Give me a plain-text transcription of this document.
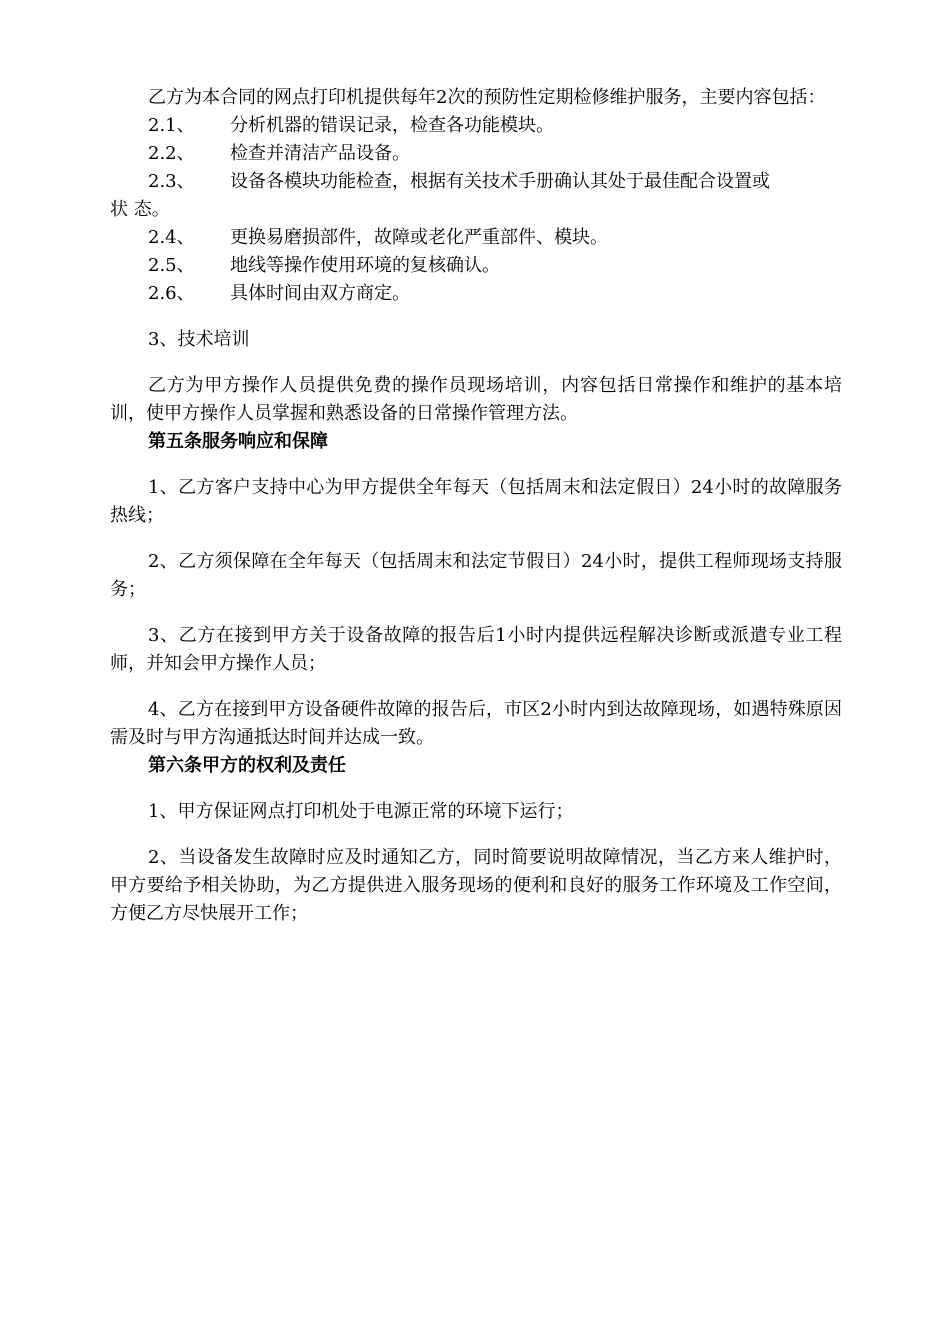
乙方为本合同的网点打印机提供每年2次的预防性定期检修维护服务，主要内容包括：

2.1、 分析机器的错误记录，检查各功能模块。

2.2、 检查并清洁产品设备。

2.3、 设备各模块功能检查，根据有关技术手册确认其处于最佳配合设置或

状 态。

2.4、 更换易磨损部件，故障或老化严重部件、模块。

2.5、 地线等操作使用环境的复核确认。

2.6、 具体时间由双方商定。

3、技术培训

乙方为甲方操作人员提供免费的操作员现场培训，内容包括日常操作和维护的基本培训，使甲方操作人员掌握和熟悉设备的日常操作管理方法。

第五条服务响应和保障

1、乙方客户支持中心为甲方提供全年每天（包括周末和法定假日）24小时的故障服务热线；

2、乙方须保障在全年每天（包括周末和法定节假日）24小时，提供工程师现场支持服务；

3、乙方在接到甲方关于设备故障的报告后1小时内提供远程解决诊断或派遣专业工程师，并知会甲方操作人员；

4、乙方在接到甲方设备硬件故障的报告后，市区2小时内到达故障现场，如遇特殊原因需及时与甲方沟通抵达时间并达成一致。

第六条甲方的权利及责任

1、甲方保证网点打印机处于电源正常的环境下运行；

2、当设备发生故障时应及时通知乙方，同时简要说明故障情况，当乙方来人维护时，甲方要给予相关协助，为乙方提供进入服务现场的便利和良好的服务工作环境及工作空间，方便乙方尽快展开工作；
